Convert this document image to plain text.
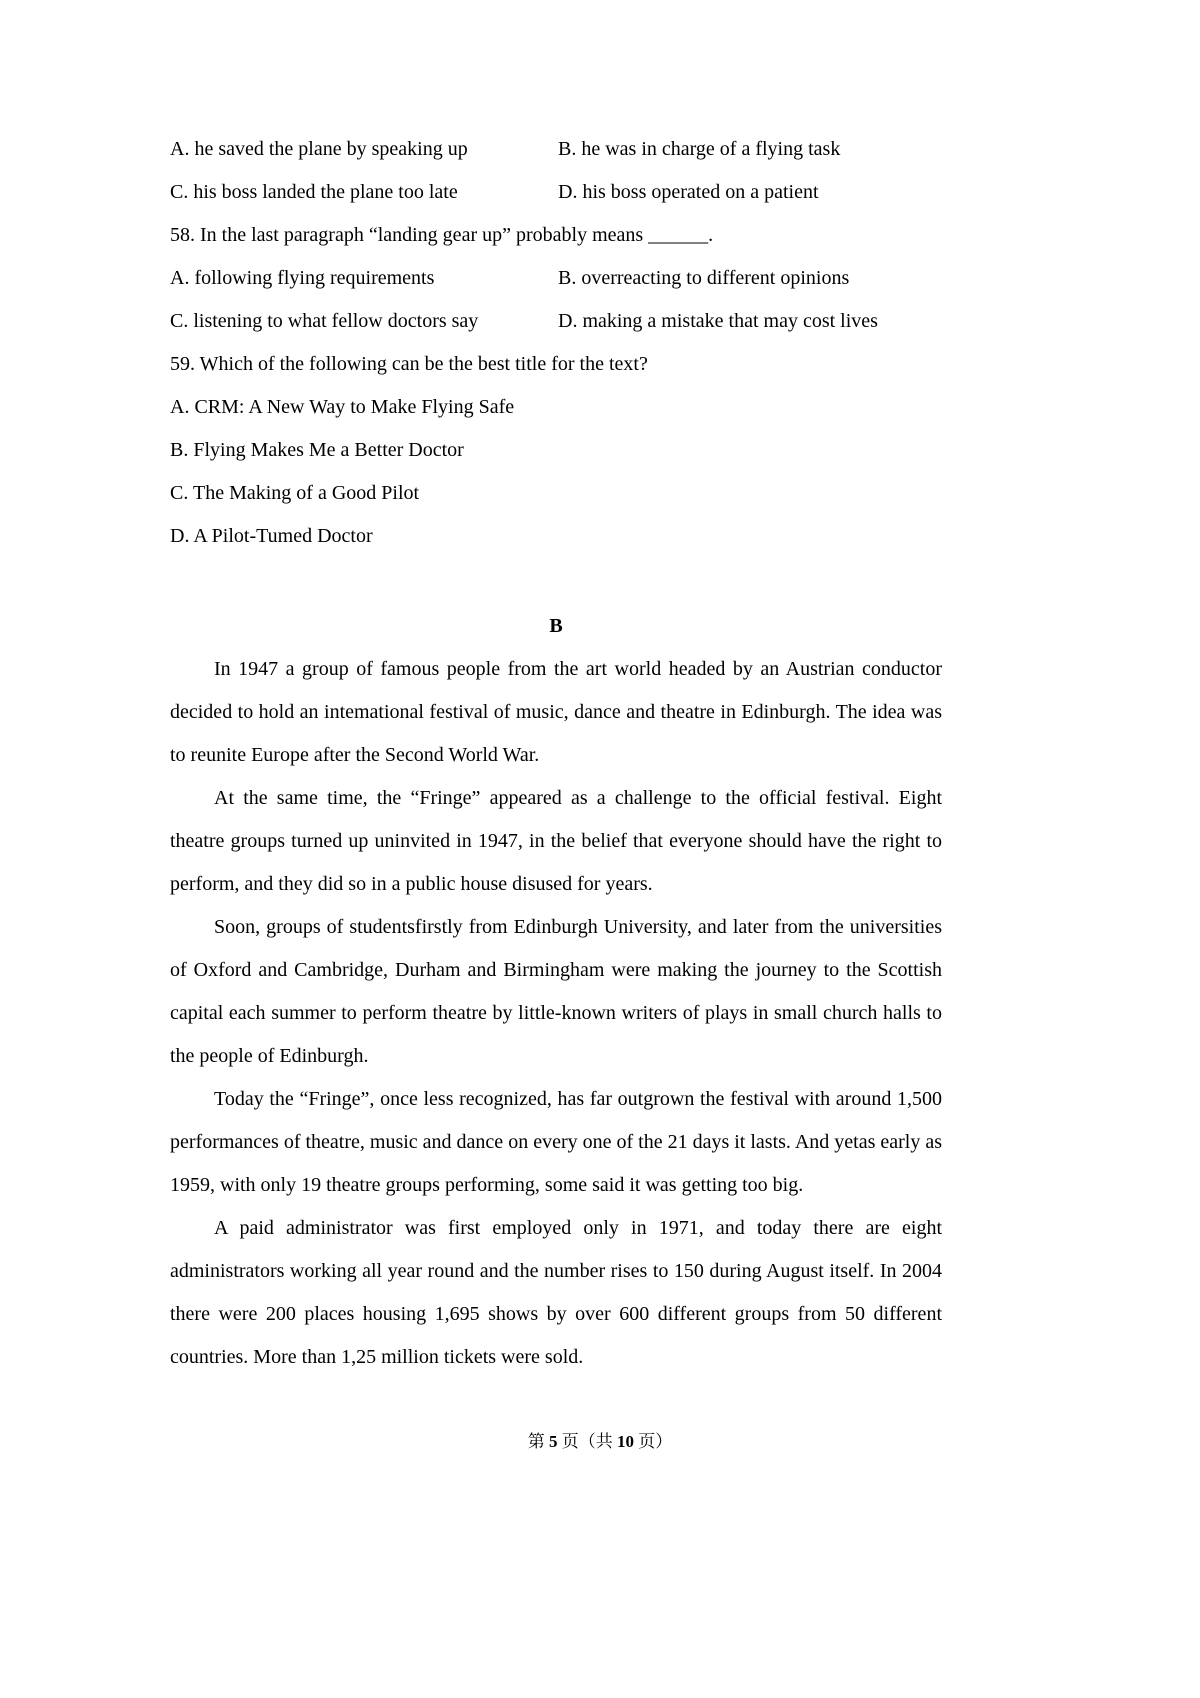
A. he saved the plane by speaking up	B. he was in charge of a flying task
C. his boss landed the plane too late	D. his boss operated on a patient
58. In the last paragraph “landing gear up” probably means ______.
A. following flying requirements	B. overreacting to different opinions
C. listening to what fellow doctors say	D. making a mistake that may cost lives
59. Which of the following can be the best title for the text?
A. CRM: A New Way to Make Flying Safe
B. Flying Makes Me a Better Doctor
C. The Making of a Good Pilot
D. A Pilot-Tumed Doctor
B

In 1947 a group of famous people from the art world headed by an Austrian conductor decided to hold an intemational festival of music, dance and theatre in Edinburgh. The idea was to reunite Europe after the Second World War.

At the same time, the “Fringe” appeared as a challenge to the official festival. Eight theatre groups turned up uninvited in 1947, in the belief that everyone should have the right to perform, and they did so in a public house disused for years.

Soon, groups of studentsfirstly from Edinburgh University, and later from the universities of Oxford and Cambridge, Durham and Birmingham were making the journey to the Scottish capital each summer to perform theatre by little-known writers of plays in small church halls to the people of Edinburgh.

Today the “Fringe”, once less recognized, has far outgrown the festival with around 1,500 performances of theatre, music and dance on every one of the 21 days it lasts. And yetas early as 1959, with only 19 theatre groups performing, some said it was getting too big.

A paid administrator was first employed only in 1971, and today there are eight administrators working all year round and the number rises to 150 during August itself. In 2004 there were 200 places housing 1,695 shows by over 600 different groups from 50 different countries. More than 1,25 million tickets were sold.

第 5 页（共 10 页）
